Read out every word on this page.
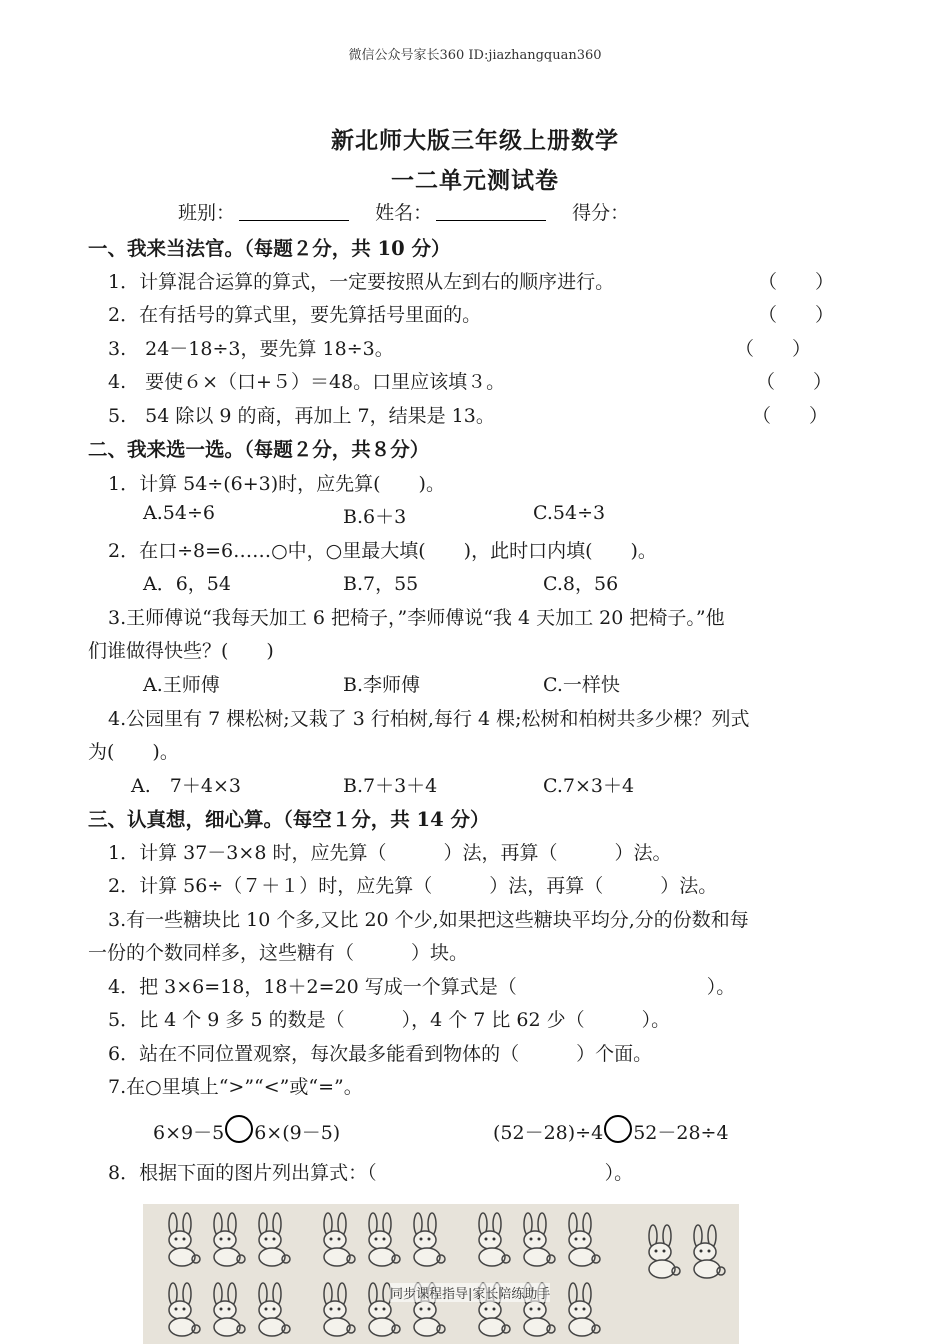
微信公众号家长360 ID:jiazhangquan360
新北师大版三年级上册数学
一二单元测试卷
班别：	姓名：	得分：
一、我来当法官。（每题２分，共 10 分）
1．计算混合运算的算式，一定要按照从左到右的顺序进行。	（　　）
2．在有括号的算式里，要先算括号里面的。	（　　）
3.　24－18÷3，要先算 18÷3。	（　　）
4.　要使６×（口+５）＝48。口里应该填３。	（　　）
5.　54 除以 9 的商，再加上 7，结果是 13。	（　　）
二、我来选一选。（每题２分，共８分）
1．计算 54÷(6+3)时，应先算(　　)。
A.54÷6	B.6＋3	C.54÷3
2．在口÷8=6……○中，○里最大填(　　)，此时口内填(　　)。
A．6，54	B.7，55	C.8，56
3.王师傅说“我每天加工 6 把椅子，”李师傅说“我 4 天加工 20 把椅子。”他
们谁做得快些？(　　)
A.王师傅	B.李师傅	C.一样快
4.公园里有 7 棵松树;又栽了 3 行柏树,每行 4 棵;松树和柏树共多少棵？列式
为(　　)。
A.　7＋4×3	B.7＋3＋4	C.7×3＋4
三、认真想，细心算。（每空１分，共 14 分）
1．计算 37－3×8 时，应先算（　　　）法，再算（　　　）法。
2．计算 56÷（７＋１）时，应先算（　　　）法，再算（　　　）法。
3.有一些糖块比 10 个多,又比 20 个少,如果把这些糖块平均分,分的份数和每
一份的个数同样多，这些糖有（　　　）块。
4．把 3×6=18，18＋2=20 写成一个算式是（　　　　　　　　　　）。
5．比 4 个 9 多 5 的数是（　　　），4 个 7 比 62 少（　　　）。
6．站在不同位置观察，每次最多能看到物体的（　　　）个面。
7.在○里填上“>”“<”或“=”。
6×9－5 6×(9－5)	(52－28)÷4 52－28÷4
8．根据下面的图片列出算式：（　　　　　　　　　　　　）。
同步课程指导|家长陪练助手
